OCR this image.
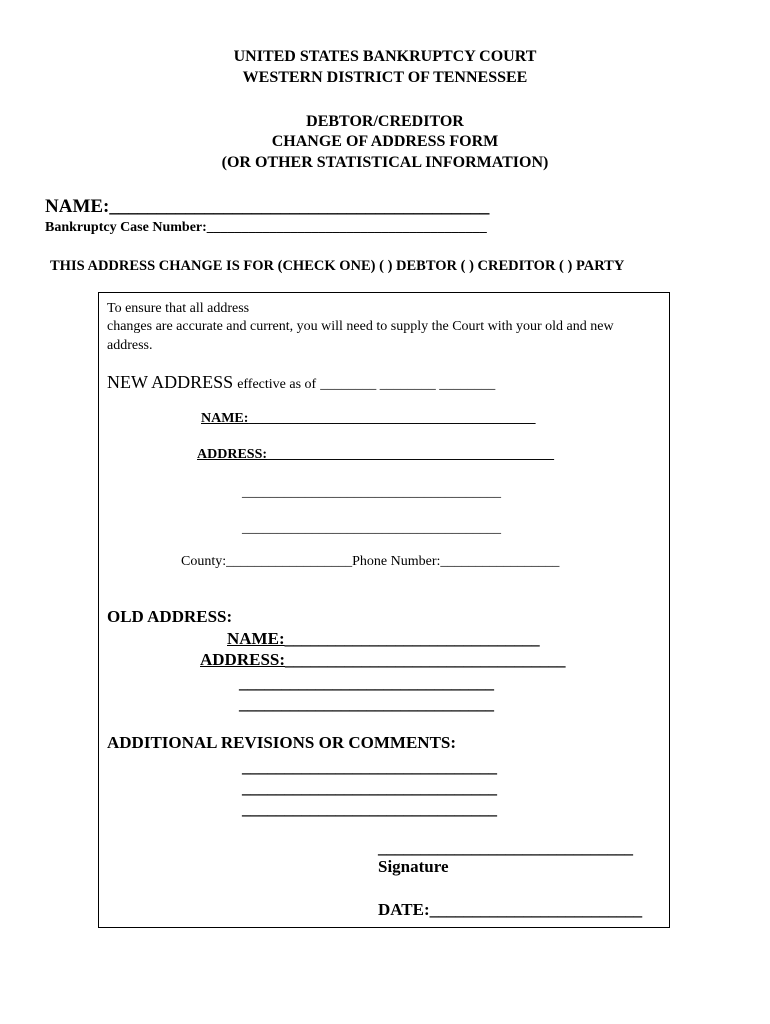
UNITED STATES BANKRUPTCY COURT
WESTERN DISTRICT OF TENNESSEE
DEBTOR/CREDITOR
CHANGE OF ADDRESS FORM
(OR OTHER STATISTICAL INFORMATION)
NAME:________________________________________
Bankruptcy Case Number:________________________________________
THIS ADDRESS CHANGE IS FOR (CHECK ONE) ( ) DEBTOR ( ) CREDITOR ( ) PARTY
To ensure that all address
changes are accurate and current, you will need to supply the Court with your old and new
address.
NEW ADDRESS effective as of ________ ________ ________
NAME:_________________________________________
ADDRESS:_________________________________________
_____________________________________
_____________________________________
County:__________________Phone Number:_________________
OLD ADDRESS:
NAME:______________________________
ADDRESS:_________________________________
______________________________
______________________________
ADDITIONAL REVISIONS OR COMMENTS:
______________________________
______________________________
______________________________
______________________________
Signature
DATE:_________________________
